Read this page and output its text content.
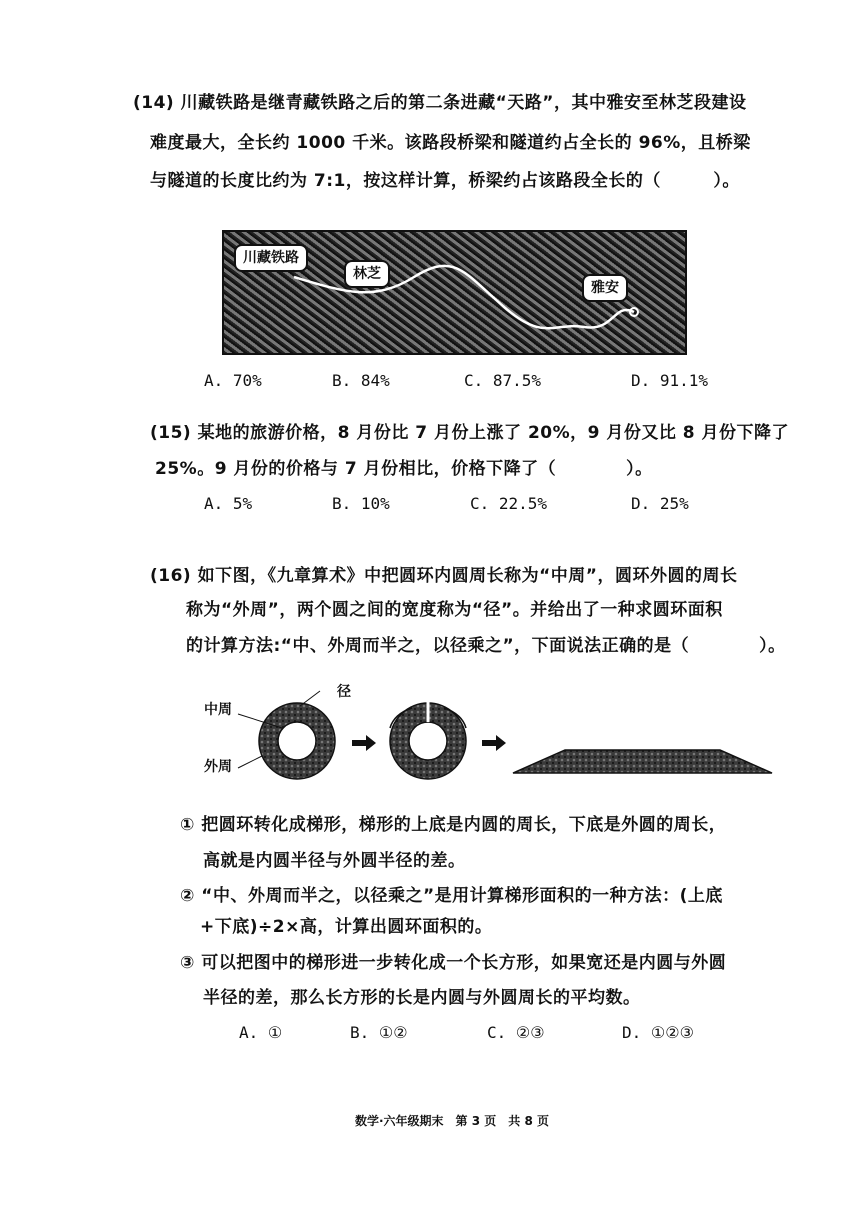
(14) 川藏铁路是继青藏铁路之后的第二条进藏“天路”，其中雅安至林芝段建设
难度最大，全长约 1000 千米。该路段桥梁和隧道约占全长的 96%，且桥梁
与隧道的长度比约为 7:1，按这样计算，桥梁约占该路段全长的（　　　）。
川藏铁路
林芝
雅安
A. 70%	B. 84%	C. 87.5%	D. 91.1%
(15) 某地的旅游价格，8 月份比 7 月份上涨了 20%，9 月份又比 8 月份下降了
25%。9 月份的价格与 7 月份相比，价格下降了（　　　　）。
A. 5%	B. 10%	C. 22.5%	D. 25%
(16) 如下图，《九章算术》中把圆环内圆周长称为“中周”，圆环外圆的周长
称为“外周”，两个圆之间的宽度称为“径”。并给出了一种求圆环面积
的计算方法:“中、外周而半之，以径乘之”，下面说法正确的是（　　　　）。
中周
外周
径
① 把圆环转化成梯形，梯形的上底是内圆的周长，下底是外圆的周长，
高就是内圆半径与外圆半径的差。
② “中、外周而半之，以径乘之”是用计算梯形面积的一种方法：(上底
+下底)÷2×高，计算出圆环面积的。
③ 可以把图中的梯形进一步转化成一个长方形，如果宽还是内圆与外圆
半径的差，那么长方形的长是内圆与外圆周长的平均数。
A. ①	B. ①②	C. ②③	D. ①②③
数学·六年级期末　第 3 页　共 8 页
